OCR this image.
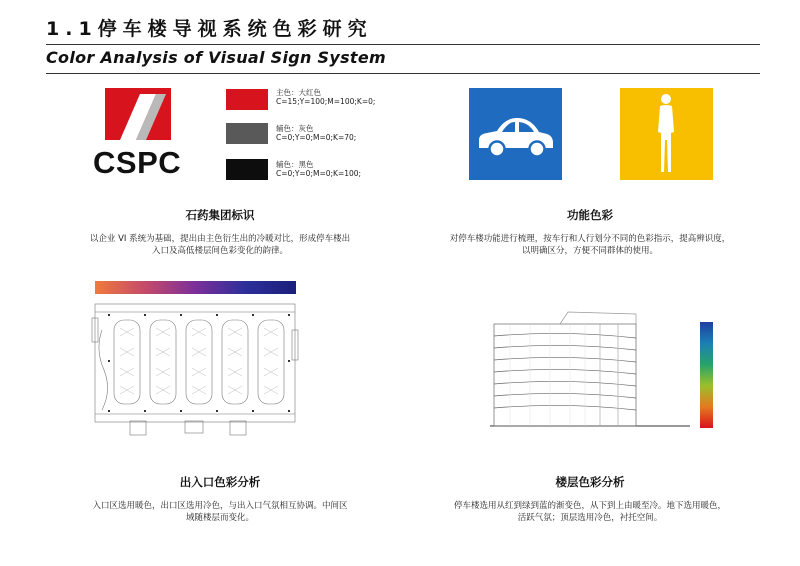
1.1停车楼导视系统色彩研究
Color Analysis of Visual Sign System
CSPC
主色：大红色
C=15;Y=100;M=100;K=0;
辅色：灰色
C=0;Y=0;M=0;K=70;
辅色：黑色
C=0;Y=0;M=0;K=100;
石药集团标识
以企业 VI 系统为基础，提出由主色衍生出的冷暖对比，形成停车楼出
入口及高低楼层间色彩变化的韵律。
功能色彩
对停车楼功能进行梳理，按车行和人行划分不同的色彩指示，提高辨识度，
以明确区分，方便不同群体的使用。
出入口色彩分析
入口区选用暖色，出口区选用冷色，与出入口气氛相互协调。中间区
域随楼层而变化。
楼层色彩分析
停车楼选用从红到绿到蓝的渐变色，从下到上由暖至冷。地下选用暖色，
活跃气氛；顶层选用冷色，衬托空间。
